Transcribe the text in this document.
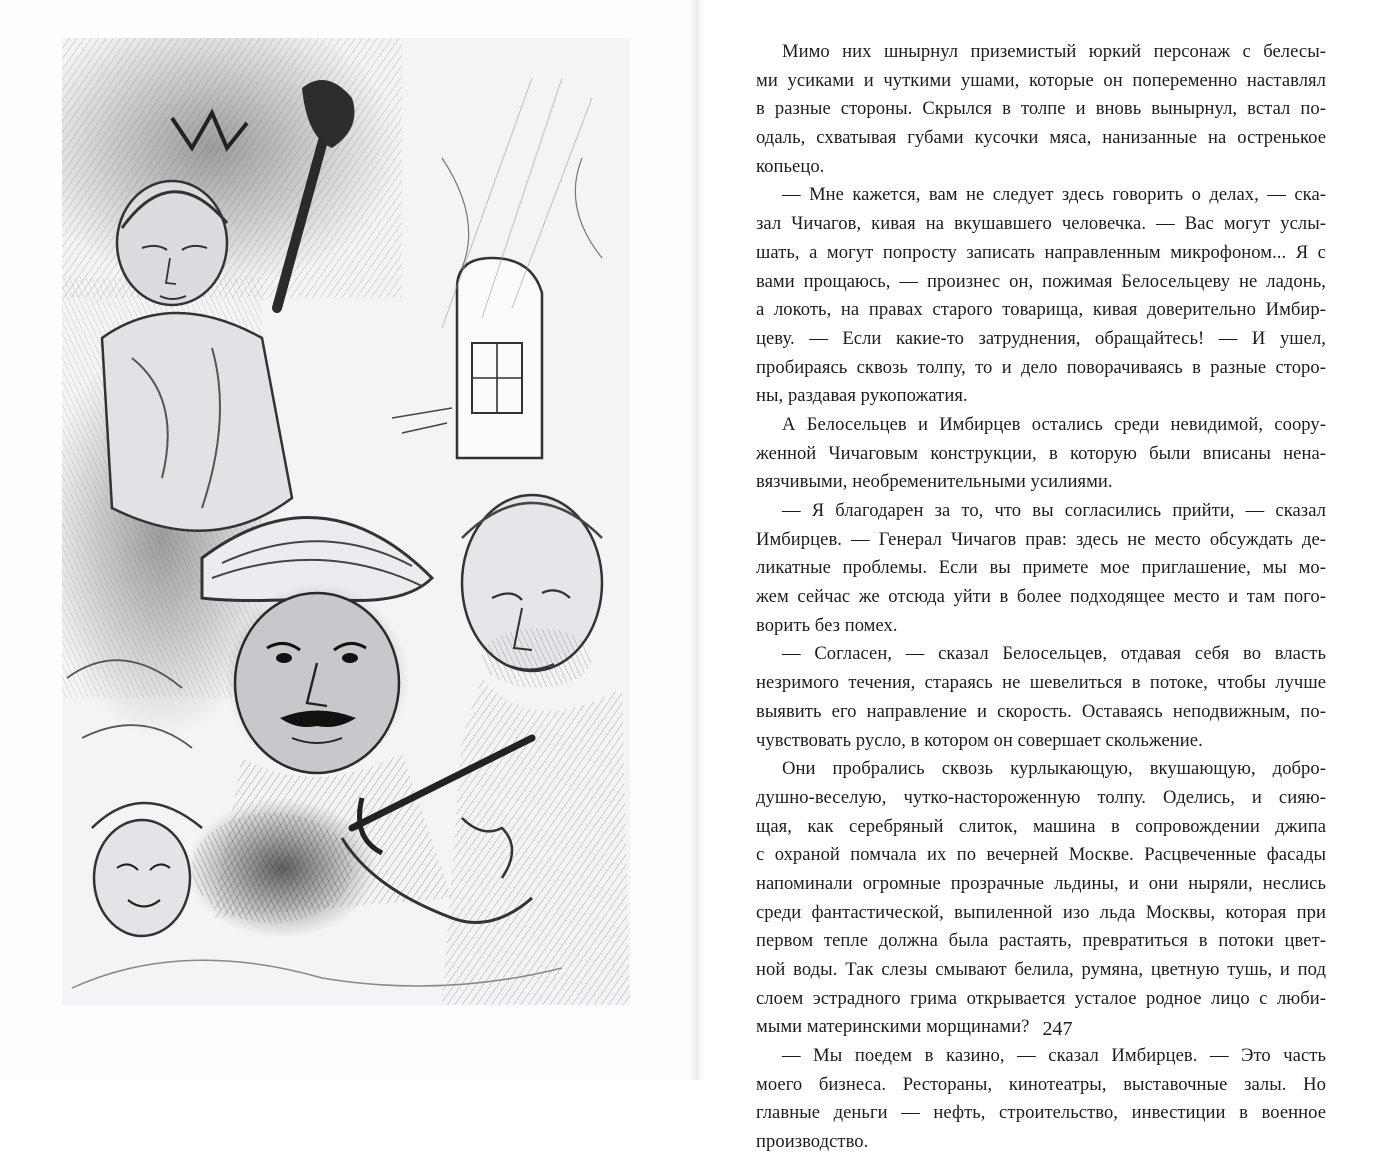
Мимо них шнырнул приземистый юркий персонаж с белесы-
ми усиками и чуткими ушами, которые он попеременно наставлял
в разные стороны. Скрылся в толпе и вновь вынырнул, встал по-
одаль, схватывая губами кусочки мяса, нанизанные на остренькое
копьецо.
— Мне кажется, вам не следует здесь говорить о делах, — ска-
зал Чичагов, кивая на вкушавшего человечка. — Вас могут услы-
шать, а могут попросту записать направленным микрофоном... Я с
вами прощаюсь, — произнес он, пожимая Белосельцеву не ладонь,
а локоть, на правах старого товарища, кивая доверительно Имбир-
цеву. — Если какие-то затруднения, обращайтесь! — И ушел,
пробираясь сквозь толпу, то и дело поворачиваясь в разные сторо-
ны, раздавая рукопожатия.
А Белосельцев и Имбирцев остались среди невидимой, соору-
женной Чичаговым конструкции, в которую были вписаны нена-
вязчивыми, необременительными усилиями.
— Я благодарен за то, что вы согласились прийти, — сказал
Имбирцев. — Генерал Чичагов прав: здесь не место обсуждать де-
ликатные проблемы. Если вы примете мое приглашение, мы мо-
жем сейчас же отсюда уйти в более подходящее место и там пого-
ворить без помех.
— Согласен, — сказал Белосельцев, отдавая себя во власть
незримого течения, стараясь не шевелиться в потоке, чтобы лучше
выявить его направление и скорость. Оставаясь неподвижным, по-
чувствовать русло, в котором он совершает скольжение.
Они пробрались сквозь курлыкающую, вкушающую, добро-
душно-веселую, чутко-настороженную толпу. Оделись, и сияю-
щая, как серебряный слиток, машина в сопровождении джипа
с охраной помчала их по вечерней Москве. Расцвеченные фасады
напоминали огромные прозрачные льдины, и они ныряли, неслись
среди фантастической, выпиленной изо льда Москвы, которая при
первом тепле должна была растаять, превратиться в потоки цвет-
ной воды. Так слезы смывают белила, румяна, цветную тушь, и под
слоем эстрадного грима открывается усталое родное лицо с люби-
мыми материнскими морщинами?
— Мы поедем в казино, — сказал Имбирцев. — Это часть
моего бизнеса. Рестораны, кинотеатры, выставочные залы. Но
главные деньги — нефть, строительство, инвестиции в военное
производство.
247
